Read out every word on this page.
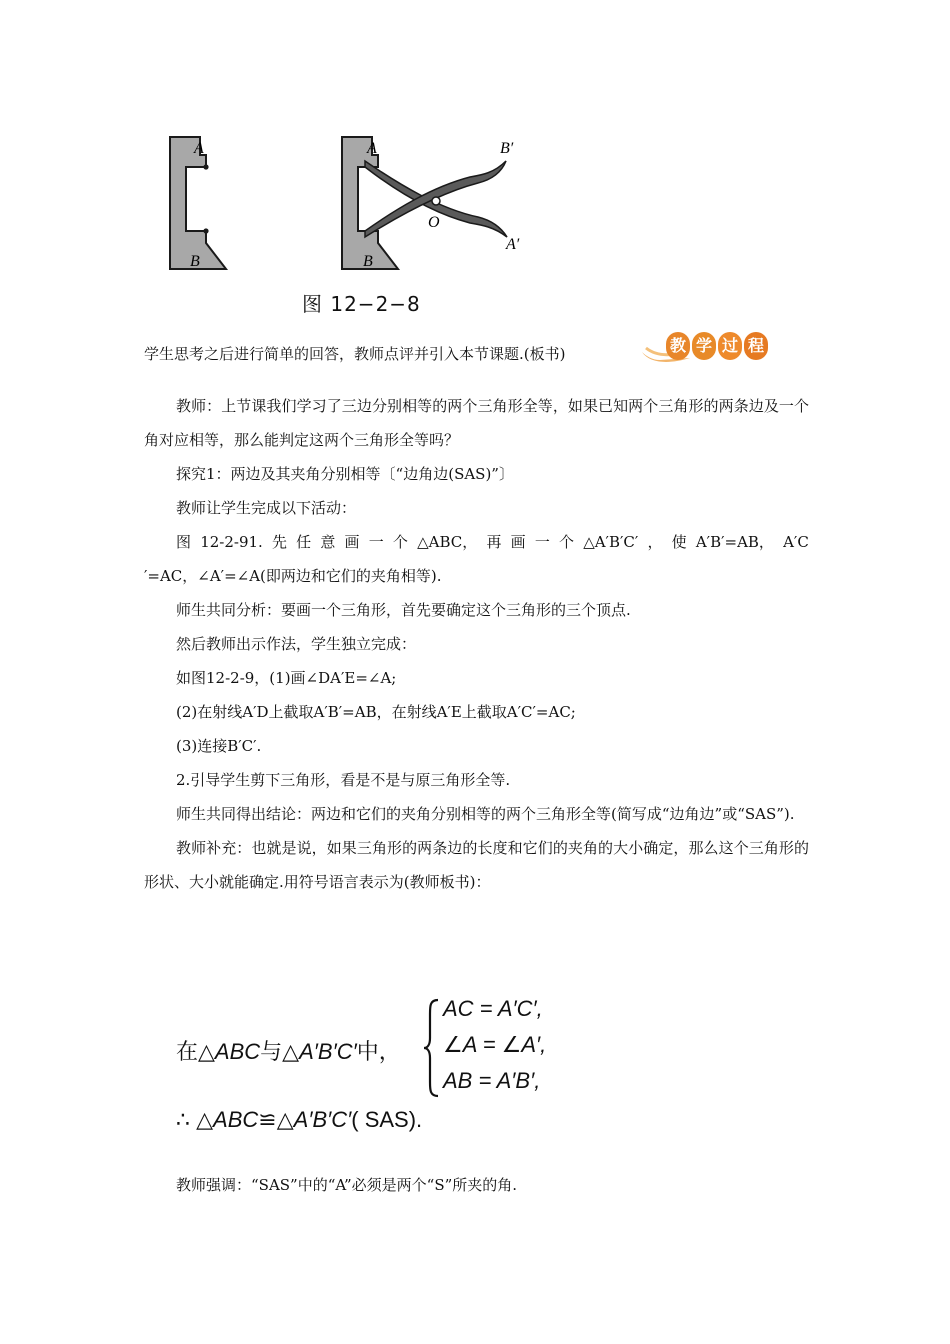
A
B
A
B
B′
A′
O
图 12−2−8
学生思考之后进行简单的回答，教师点评并引入本节课题.(板书)	教 学 过 程

教师：上节课我们学习了三边分别相等的两个三角形全等，如果已知两个三角形的两条边及一个角对应相等，那么能判定这两个三角形全等吗？

探究1：两边及其夹角分别相等〔“边角边(SAS)”〕

教师让学生完成以下活动：

图 12-2-91. 先 任 意 画 一 个 △ABC， 再 画 一 个 △A′B′C′ ， 使 A′B′=AB， A′C

′=AC，∠A′=∠A(即两边和它们的夹角相等).

师生共同分析：要画一个三角形，首先要确定这个三角形的三个顶点.

然后教师出示作法，学生独立完成：

如图12-2-9，(1)画∠DA′E=∠A;

(2)在射线A′D上截取A′B′=AB，在射线A′E上截取A′C′=AC;

(3)连接B′C′.

2.引导学生剪下三角形，看是不是与原三角形全等.

师生共同得出结论：两边和它们的夹角分别相等的两个三角形全等(简写成“边角边”或“SAS”).

教师补充：也就是说，如果三角形的两条边的长度和它们的夹角的大小确定，那么这个三角形的形状、大小就能确定.用符号语言表示为(教师板书)：

在△ABC与△A′B′C′中，
AC = A′C′,
∠A = ∠A′,
AB = A′B′,
∴ △ABC≌△A′B′C′( SAS).

教师强调：“SAS”中的“A”必须是两个“S”所夹的角.
